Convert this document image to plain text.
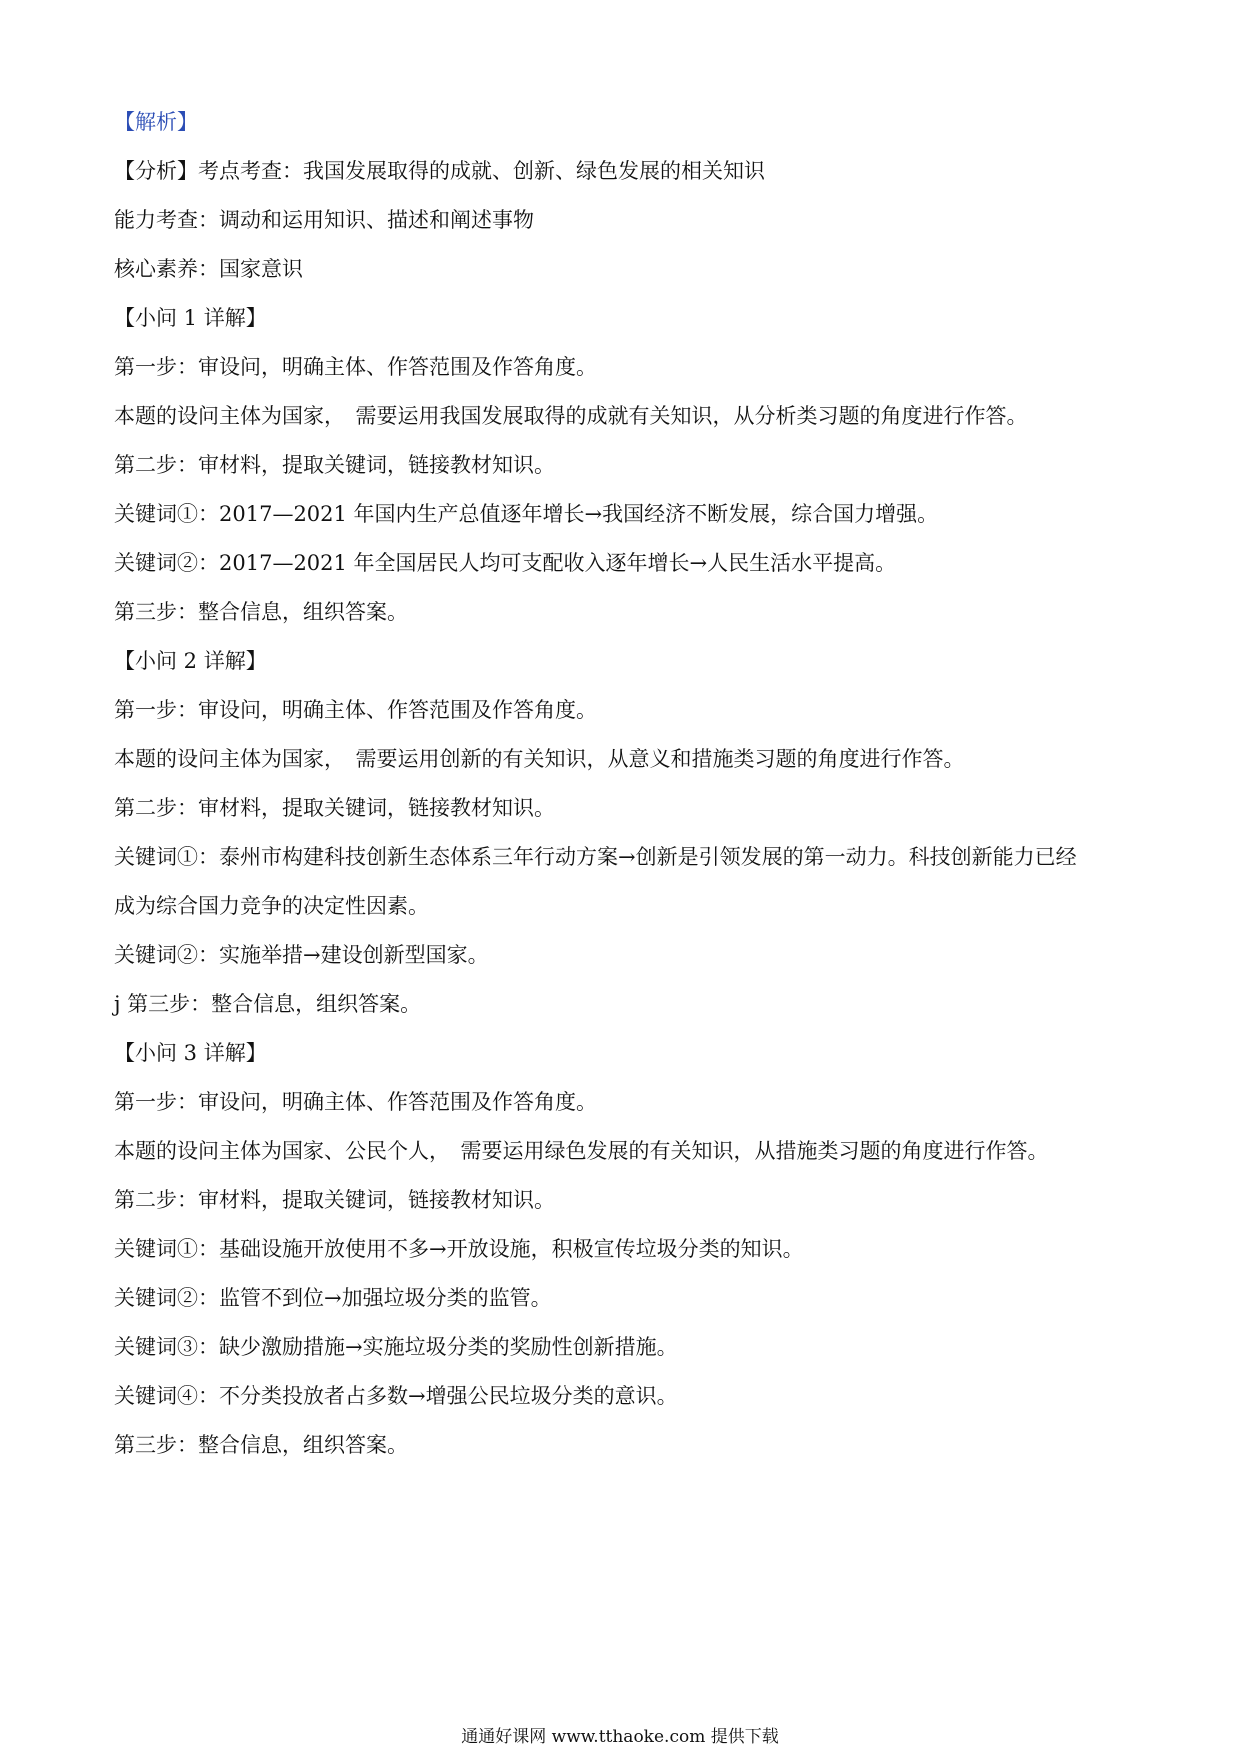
【解析】

【分析】考点考查：我国发展取得的成就、创新、绿色发展的相关知识

能力考查：调动和运用知识、描述和阐述事物

核心素养：国家意识

【小问 1 详解】

第一步：审设问，明确主体、作答范围及作答角度。

本题的设问主体为国家，　需要运用我国发展取得的成就有关知识，从分析类习题的角度进行作答。

第二步：审材料，提取关键词，链接教材知识。

关键词①：2017—2021 年国内生产总值逐年增长→我国经济不断发展，综合国力增强。

关键词②：2017—2021 年全国居民人均可支配收入逐年增长→人民生活水平提高。

第三步：整合信息，组织答案。

【小问 2 详解】

第一步：审设问，明确主体、作答范围及作答角度。

本题的设问主体为国家，　需要运用创新的有关知识，从意义和措施类习题的角度进行作答。

第二步：审材料，提取关键词，链接教材知识。

关键词①：泰州市构建科技创新生态体系三年行动方案→创新是引领发展的第一动力。科技创新能力已经

成为综合国力竞争的决定性因素。

关键词②：实施举措→建设创新型国家。

j 第三步：整合信息，组织答案。

【小问 3 详解】

第一步：审设问，明确主体、作答范围及作答角度。

本题的设问主体为国家、公民个人，　需要运用绿色发展的有关知识，从措施类习题的角度进行作答。

第二步：审材料，提取关键词，链接教材知识。

关键词①：基础设施开放使用不多→开放设施，积极宣传垃圾分类的知识。

关键词②：监管不到位→加强垃圾分类的监管。

关键词③：缺少激励措施→实施垃圾分类的奖励性创新措施。

关键词④：不分类投放者占多数→增强公民垃圾分类的意识。

第三步：整合信息，组织答案。

通通好课网 www.tthaoke.com 提供下载
